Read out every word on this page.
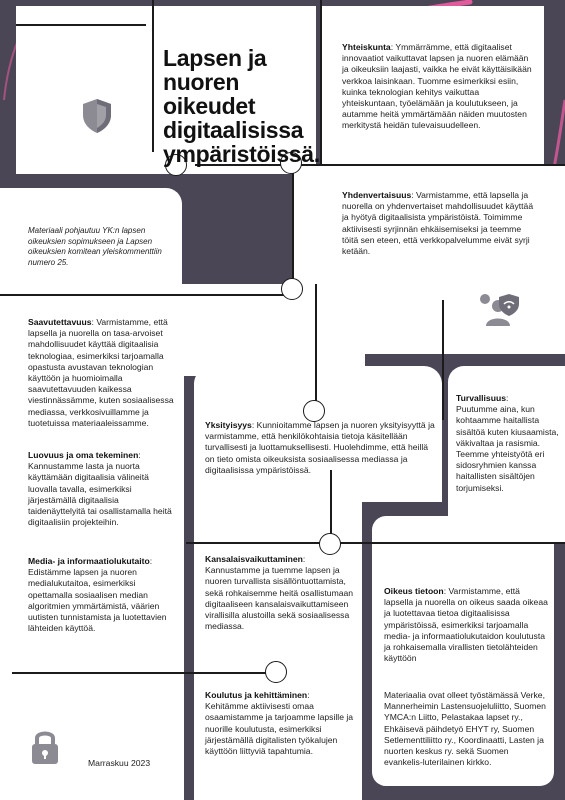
Lapsen ja
nuoren
oikeudet
digitaalisissa
ympäristöissä.
Yhteiskunta: Ymmärrämme, että digitaaliset innovaatiot vaikuttavat lapsen ja nuoren elämään ja oikeuksiin laajasti, vaikka he eivät käyttäisikään verkkoa laisinkaan. Tuomme esimerkiksi esiin, kuinka teknologian kehitys vaikuttaa yhteiskuntaan, työelämään ja koulutukseen, ja autamme heitä ymmärtämään näiden muutosten merkitystä heidän tulevaisuudelleen.
Materiaali pohjautuu YK:n lapsen oikeuksien sopimukseen ja Lapsen oikeuksien komitean yleiskommenttiin numero 25.
Yhdenvertaisuus: Varmistamme, että lapsella ja nuorella on yhdenvertaiset mahdollisuudet käyttää ja hyötyä digitaalisista ympäristöistä. Toimimme aktiivisesti syrjinnän ehkäisemiseksi ja teemme töitä sen eteen, että verkkopalvelumme eivät syrji ketään.
Saavutettavuus: Varmistamme, että lapsella ja nuorella on tasa-arvoiset mahdollisuudet käyttää digitaalisia teknologiaa, esimerkiksi tarjoamalla opastusta avustavan teknologian käyttöön ja huomioimalla saavutettavuuden kaikessa viestinnässämme, kuten sosiaalisessa mediassa, verkkosivuillamme ja tuotetuissa materiaaleissamme.
Luovuus ja oma tekeminen:
Kannustamme lasta ja nuorta käyttämään digitaalisia välineitä luovalla tavalla, esimerkiksi järjestämällä digitaalisia taidenäyttelyitä tai osallistamalla heitä digitaalisiin projekteihin.
Media- ja informaatiolukutaito:
Edistämme lapsen ja nuoren medialukutaitoa, esimerkiksi opettamalla sosiaalisen median algoritmien ymmärtämistä, väärien uutisten tunnistamista ja luotettavien lähteiden käyttöä.
Yksityisyys: Kunnioitamme lapsen ja nuoren yksityisyyttä ja varmistamme, että henkilökohtaisia tietoja käsitellään turvallisesti ja luottamuksellisesti. Huolehdimme, että heillä on tieto omista oikeuksista sosiaalisessa mediassa ja digitaalisissa ympäristöissä.
Turvallisuus:
Puutumme aina, kun kohtaamme haitallista sisältöä kuten kiusaamista, väkivaltaa ja rasismia. Teemme yhteistyötä eri sidosryhmien kanssa haitallisten sisältöjen torjumiseksi.
Kansalaisvaikuttaminen:
Kannustamme ja tuemme lapsen ja nuoren turvallista sisällöntuottamista, sekä rohkaisemme heitä osallistumaan digitaaliseen kansalaisvaikuttamiseen virallisilla alustoilla sekä sosiaalisessa mediassa.
Oikeus tietoon: Varmistamme, että lapsella ja nuorella on oikeus saada oikeaa ja luotettavaa tietoa digitaalisissa ympäristöissä, esimerkiksi tarjoamalla media- ja informaatiolukutaidon koulutusta ja rohkaisemalla virallisten tietolähteiden käyttöön
Materiaalia ovat olleet työstämässä Verke, Mannerheimin Lastensuojeluliitto, Suomen YMCA:n Liitto, Pelastakaa lapset ry., Ehkäisevä päihdetyö EHYT ry, Suomen Setlementtiliitto ry., Koordinaatti, Lasten ja nuorten keskus ry. sekä Suomen evankelis-luterilainen kirkko.
Koulutus ja kehittäminen:
Kehitämme aktiivisesti omaa osaamistamme ja tarjoamme lapsille ja nuorille koulutusta, esimerkiksi järjestämällä digitalisten työkalujen käyttöön liittyviä tapahtumia.
Marraskuu 2023
